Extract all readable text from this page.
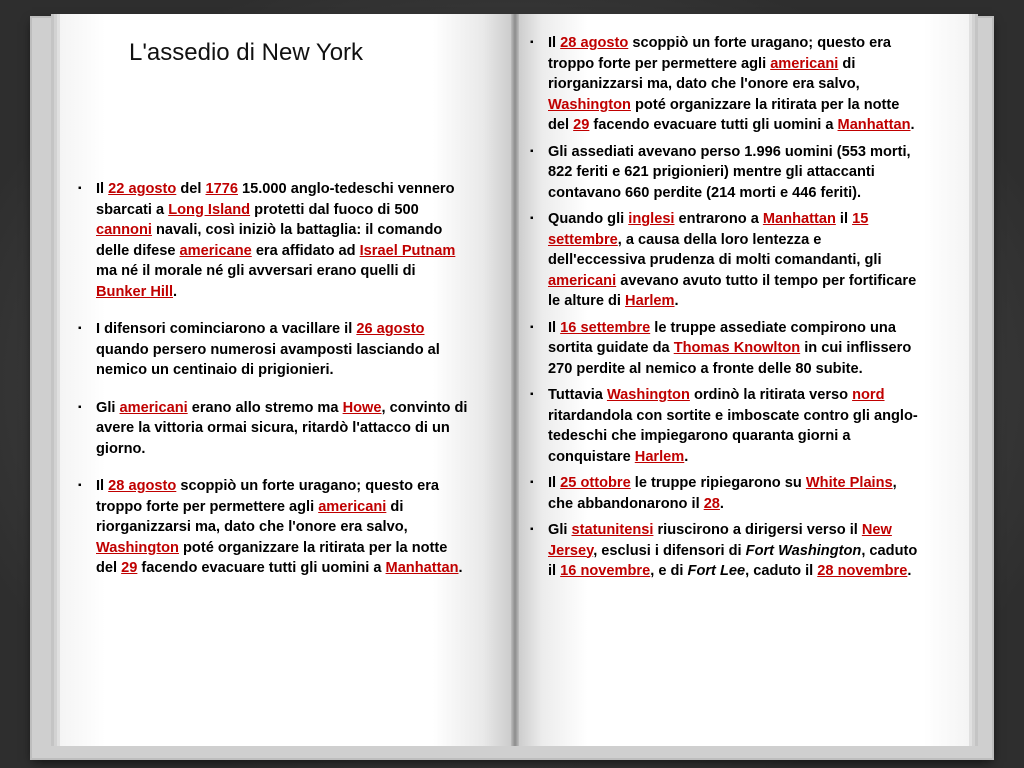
L'assedio di New York
▪ Il 22 agosto del 1776 15.000 anglo-tedeschi vennero sbarcati a Long Island protetti dal fuoco di 500 cannoni navali, così iniziò la battaglia: il comando delle difese americane era affidato ad Israel Putnam ma né il morale né gli avversari erano quelli di Bunker Hill.
▪ I difensori cominciarono a vacillare il 26 agosto quando persero numerosi avamposti lasciando al nemico un centinaio di prigionieri.
▪ Gli americani erano allo stremo ma Howe, convinto di avere la vittoria ormai sicura, ritardò l'attacco di un giorno.
▪ Il 28 agosto scoppiò un forte uragano; questo era troppo forte per permettere agli americani di riorganizzarsi ma, dato che l'onore era salvo, Washington poté organizzare la ritirata per la notte del 29 facendo evacuare tutti gli uomini a Manhattan.
▪ Il 28 agosto scoppiò un forte uragano; questo era troppo forte per permettere agli americani di riorganizzarsi ma, dato che l'onore era salvo, Washington poté organizzare la ritirata per la notte del 29 facendo evacuare tutti gli uomini a Manhattan.
▪ Gli assediati avevano perso 1.996 uomini (553 morti, 822 feriti e 621 prigionieri) mentre gli attaccanti contavano 660 perdite (214 morti e 446 feriti).
▪ Quando gli inglesi entrarono a Manhattan il 15 settembre, a causa della loro lentezza e dell'eccessiva prudenza di molti comandanti, gli americani avevano avuto tutto il tempo per fortificare le alture di Harlem.
▪ Il 16 settembre le truppe assediate compirono una sortita guidate da Thomas Knowlton in cui inflissero 270 perdite al nemico a fronte delle 80 subite.
▪ Tuttavia Washington ordinò la ritirata verso nord ritardandola con sortite e imboscate contro gli anglo-tedeschi che impiegarono quaranta giorni a conquistare Harlem.
▪ Il 25 ottobre le truppe ripiegarono su White Plains, che abbandonarono il 28.
▪ Gli statunitensi riuscirono a dirigersi verso il New Jersey, esclusi i difensori di Fort Washington, caduto il 16 novembre, e di Fort Lee, caduto il 28 novembre.
